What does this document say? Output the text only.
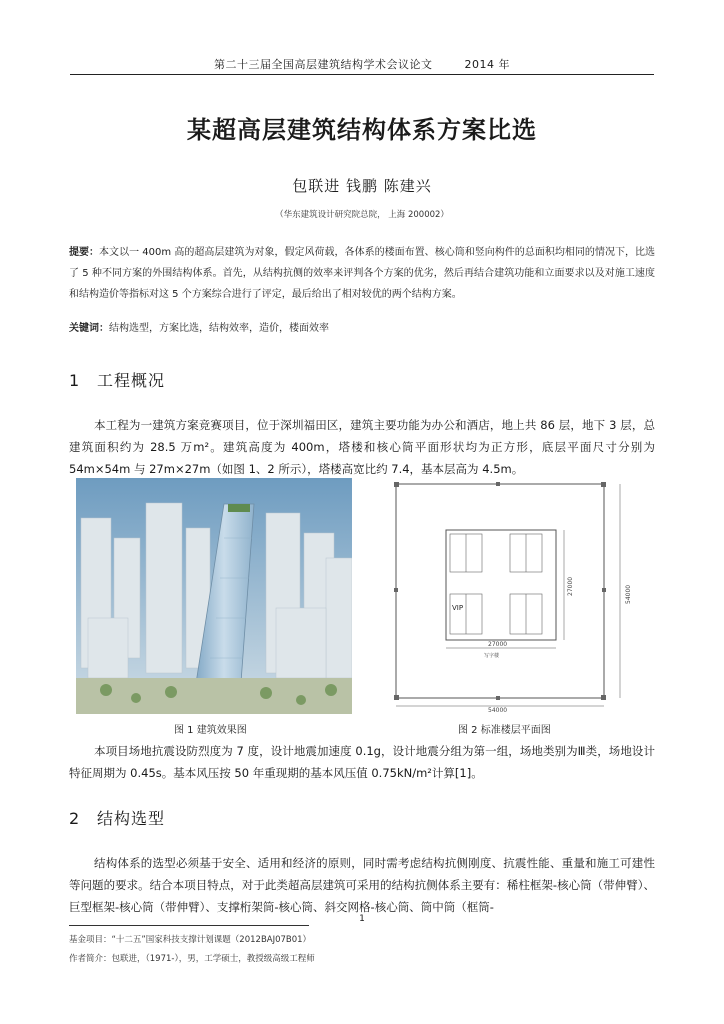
第二十三届全国高层建筑结构学术会议论文	2014 年
某超高层建筑结构体系方案比选
包联进 钱鹏 陈建兴
（华东建筑设计研究院总院， 上海 200002）
提要：本文以一 400m 高的超高层建筑为对象，假定风荷载，各体系的楼面布置、核心筒和竖向构件的总面积均相同的情况下，比选了 5 种不同方案的外围结构体系。首先，从结构抗侧的效率来评判各个方案的优劣，然后再结合建筑功能和立面要求以及对施工速度和结构造价等指标对这 5 个方案综合进行了评定，最后给出了相对较优的两个结构方案。
关键词：结构选型，方案比选，结构效率，造价，楼面效率
1 工程概况
本工程为一建筑方案竞赛项目，位于深圳福田区，建筑主要功能为办公和酒店，地上共 86 层，地下 3 层，总建筑面积约为 28.5 万m²。建筑高度为 400m，塔楼和核心筒平面形状均为正方形，底层平面尺寸分别为 54m×54m 与 27m×27m（如图 1、2 所示），塔楼高宽比约 7.4，基本层高为 4.5m。
VIP
27000
写字楼
27000
54000
54000
图 1 建筑效果图	图 2 标准楼层平面图
本项目场地抗震设防烈度为 7 度，设计地震加速度 0.1g，设计地震分组为第一组，场地类别为Ⅲ类，场地设计特征周期为 0.45s。基本风压按 50 年重现期的基本风压值 0.75kN/m²计算[1]。
2 结构选型
结构体系的选型必须基于安全、适用和经济的原则，同时需考虑结构抗侧刚度、抗震性能、重量和施工可建性等问题的要求。结合本项目特点，对于此类超高层建筑可采用的结构抗侧体系主要有：稀柱框架-核心筒（带伸臂）、巨型框架-核心筒（带伸臂）、支撑桁架筒-核心筒、斜交网格-核心筒、筒中筒（框筒-
1
基金项目：“十二五”国家科技支撑计划课题（2012BAJ07B01）
作者简介：包联进，（1971-），男，工学硕士，教授级高级工程师
